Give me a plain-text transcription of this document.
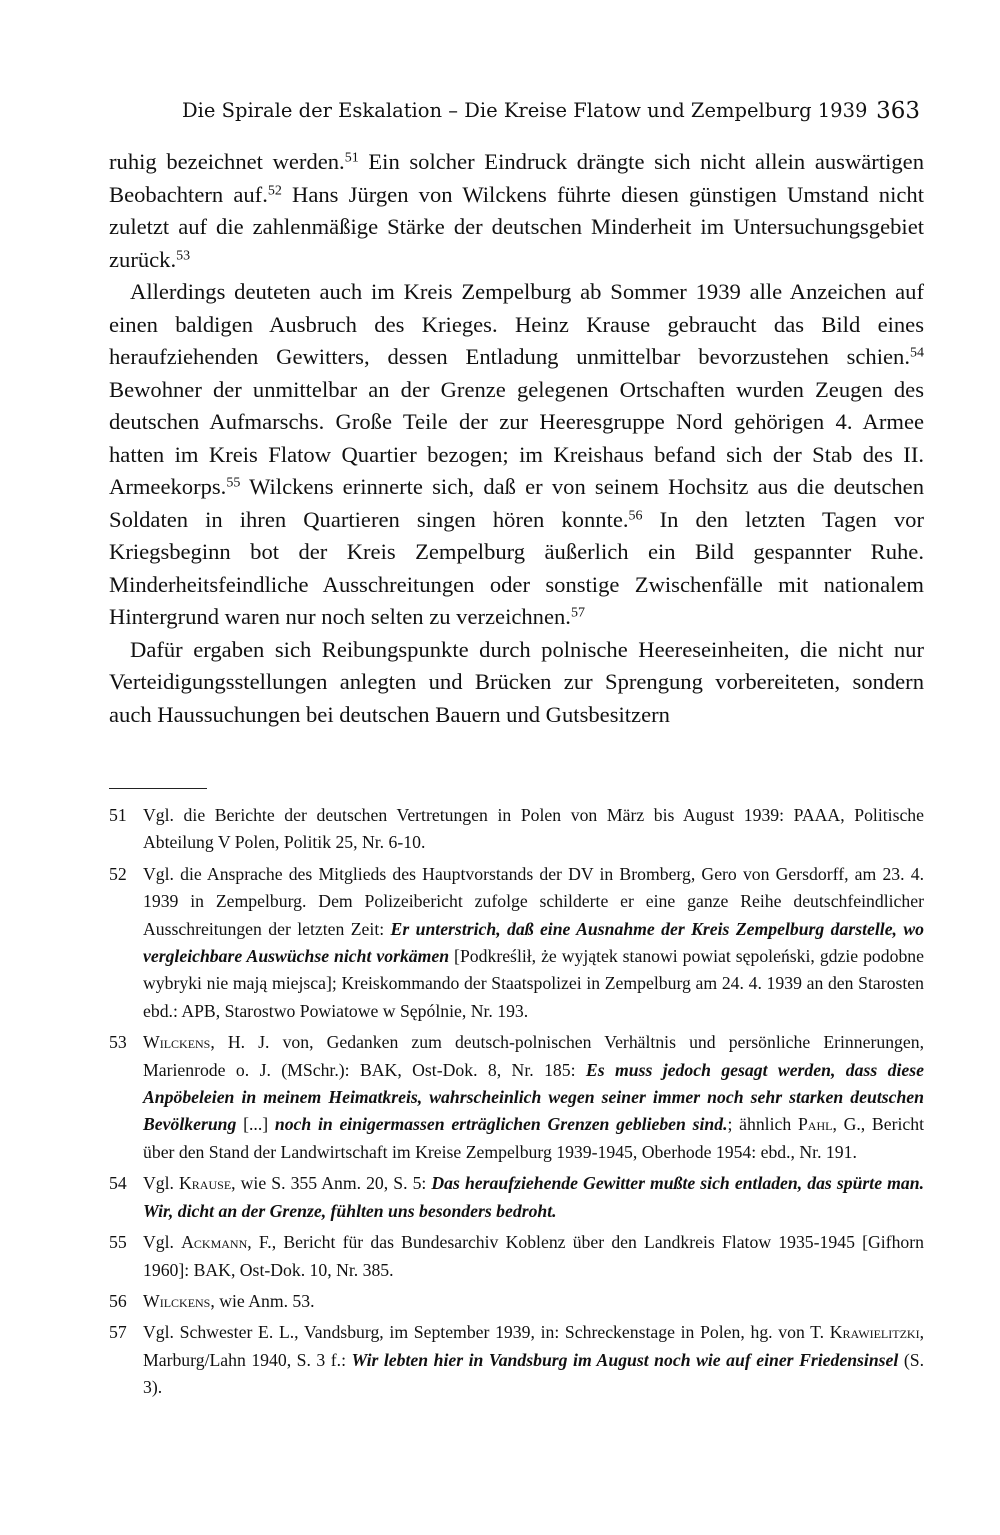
Die Spirale der Eskalation – Die Kreise Flatow und Zempelburg 1939 363

ruhig bezeichnet werden.$^{51}$ Ein solcher Eindruck drängte sich nicht allein auswärtigen Beobachtern auf.$^{52}$ Hans Jürgen von Wilckens führte diesen günstigen Umstand nicht zuletzt auf die zahlenmäßige Stärke der deutschen Minderheit im Untersuchungsgebiet zurück.$^{53}$

Allerdings deuteten auch im Kreis Zempelburg ab Sommer 1939 alle Anzeichen auf einen baldigen Ausbruch des Krieges. Heinz Krause gebraucht das Bild eines heraufziehenden Gewitters, dessen Entladung unmittelbar bevorzustehen schien.$^{54}$ Bewohner der unmittelbar an der Grenze gelegenen Ortschaften wurden Zeugen des deutschen Aufmarschs. Große Teile der zur Heeresgruppe Nord gehörigen 4. Armee hatten im Kreis Flatow Quartier bezogen; im Kreishaus befand sich der Stab des II. Armeekorps.$^{55}$ Wilckens erinnerte sich, daß er von seinem Hochsitz aus die deutschen Soldaten in ihren Quartieren singen hören konnte.$^{56}$ In den letzten Tagen vor Kriegsbeginn bot der Kreis Zempelburg äußerlich ein Bild gespannter Ruhe. Minderheitsfeindliche Ausschreitungen oder sonstige Zwischenfälle mit nationalem Hintergrund waren nur noch selten zu verzeichnen.$^{57}$

Dafür ergaben sich Reibungspunkte durch polnische Heereseinheiten, die nicht nur Verteidigungsstellungen anlegten und Brücken zur Sprengung vorbereiteten, sondern auch Haussuchungen bei deutschen Bauern und Gutsbesitzern

51 Vgl. die Berichte der deutschen Vertretungen in Polen von März bis August 1939: PAAA, Politische Abteilung V Polen, Politik 25, Nr. 6-10.
52 Vgl. die Ansprache des Mitglieds des Hauptvorstands der DV in Bromberg, Gero von Gersdorff, am 23. 4. 1939 in Zempelburg. Dem Polizeibericht zufolge schilderte er eine ganze Reihe deutschfeindlicher Ausschreitungen der letzten Zeit: Er unterstrich, daß eine Ausnahme der Kreis Zempelburg darstelle, wo vergleichbare Auswüchse nicht vorkämen [Podkreślił, że wyjątek stanowi powiat sępoleński, gdzie podobne wybryki nie mają miejsca]; Kreiskommando der Staatspolizei in Zempelburg am 24. 4. 1939 an den Starosten ebd.: APB, Starostwo Powiatowe w Sępólnie, Nr. 193.
53 Wilckens, H. J. von, Gedanken zum deutsch-polnischen Verhältnis und persönliche Erinnerungen, Marienrode o. J. (MSchr.): BAK, Ost-Dok. 8, Nr. 185: Es muss jedoch gesagt werden, dass diese Anpöbeleien in meinem Heimatkreis, wahrscheinlich wegen seiner immer noch sehr starken deutschen Bevölkerung [...] noch in einigermassen erträglichen Grenzen geblieben sind.; ähnlich Pahl, G., Bericht über den Stand der Landwirtschaft im Kreise Zempelburg 1939-1945, Oberhode 1954: ebd., Nr. 191.
54 Vgl. Krause, wie S. 355 Anm. 20, S. 5: Das heraufziehende Gewitter mußte sich entladen, das spürte man. Wir, dicht an der Grenze, fühlten uns besonders bedroht.
55 Vgl. Ackmann, F., Bericht für das Bundesarchiv Koblenz über den Landkreis Flatow 1935-1945 [Gifhorn 1960]: BAK, Ost-Dok. 10, Nr. 385.
56 Wilckens, wie Anm. 53.
57 Vgl. Schwester E. L., Vandsburg, im September 1939, in: Schreckenstage in Polen, hg. von T. Krawielitzki, Marburg/Lahn 1940, S. 3 f.: Wir lebten hier in Vandsburg im August noch wie auf einer Friedensinsel (S. 3).
